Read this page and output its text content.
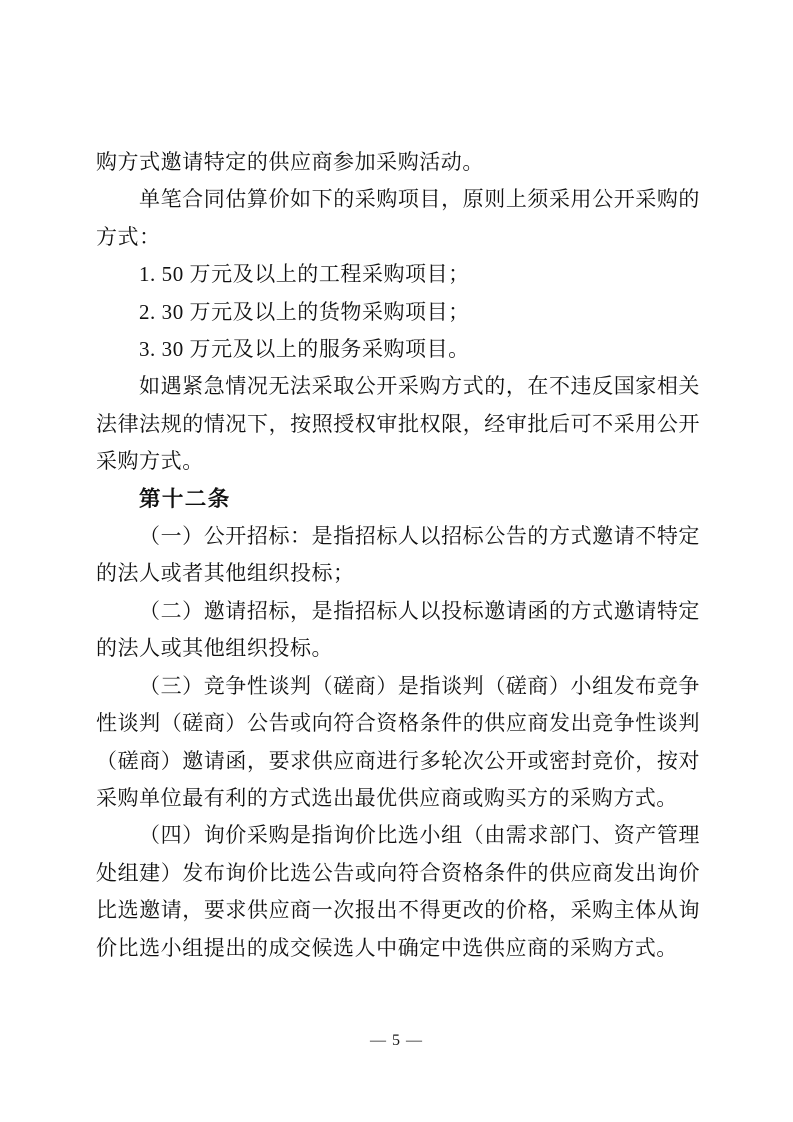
购方式邀请特定的供应商参加采购活动。

单笔合同估算价如下的采购项目，原则上须采用公开采购的方式：

1. 50 万元及以上的工程采购项目；

2. 30 万元及以上的货物采购项目；

3. 30 万元及以上的服务采购项目。

如遇紧急情况无法采取公开采购方式的，在不违反国家相关法律法规的情况下，按照授权审批权限，经审批后可不采用公开采购方式。

第十二条

（一）公开招标：是指招标人以招标公告的方式邀请不特定的法人或者其他组织投标；

（二）邀请招标，是指招标人以投标邀请函的方式邀请特定的法人或其他组织投标。

（三）竞争性谈判（磋商）是指谈判（磋商）小组发布竞争性谈判（磋商）公告或向符合资格条件的供应商发出竞争性谈判（磋商）邀请函，要求供应商进行多轮次公开或密封竞价，按对采购单位最有利的方式选出最优供应商或购买方的采购方式。

（四）询价采购是指询价比选小组（由需求部门、资产管理处组建）发布询价比选公告或向符合资格条件的供应商发出询价比选邀请，要求供应商一次报出不得更改的价格，采购主体从询价比选小组提出的成交候选人中确定中选供应商的采购方式。

— 5 —
